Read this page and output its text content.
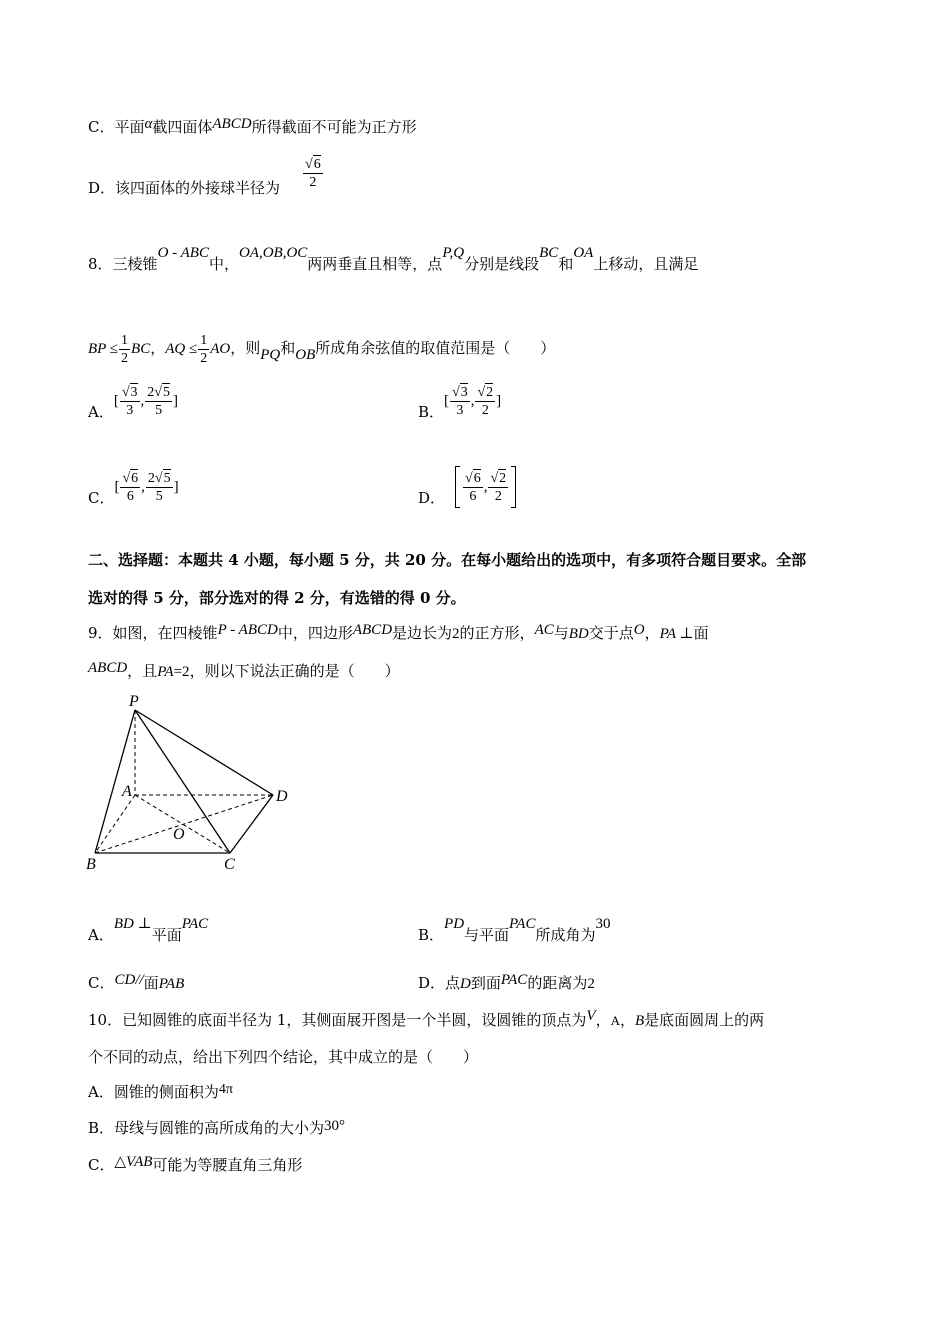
C．平面α截四面体ABCD所得截面不可能为正方形
D．该四面体的外接球半径为 $\frac{√6}{2}$
8．三棱锥O - ABC中，OA,OB,OC两两垂直且相等，点P,Q分别是线段BC和OA上移动，且满足
BP ≤ $\frac{1}{2}$ BC，AQ ≤ $\frac{1}{2}$ AO，则PQ和OB所成角余弦值的取值范围是（　　）
A．[ $\frac{√3}{3}$ , $\frac{2√5}{5}$ ]
B．[ $\frac{√3}{3}$ , $\frac{√2}{2}$ ]
C．[ $\frac{√6}{6}$ , $\frac{2√5}{5}$ ]
D． $\frac{√6}{6}$ , $\frac{√2}{2}$
二、选择题：本题共 4 小题，每小题 5 分，共 20 分。在每小题给出的选项中，有多项符合题目要求。全部
选对的得 5 分，部分选对的得 2 分，有选错的得 0 分。
9．如图，在四棱锥P - ABCD中，四边形ABCD是边长为2的正方形，AC与BD交于点O，PA ⊥面
ABCD，且PA=2，则以下说法正确的是（　　）
P
A
B	C
D
O
A．BD ⊥平面PAC
B．PD与平面PAC所成角为30
C．CD//面PAB	D．点D到面PAC的距离为2
10．已知圆锥的底面半径为 1，其侧面展开图是一个半圆，设圆锥的顶点为V，A，B是底面圆周上的两
个不同的动点，给出下列四个结论，其中成立的是（　　）
A．圆锥的侧面积为4π
B．母线与圆锥的高所成角的大小为30°
C．△VAB可能为等腰直角三角形
